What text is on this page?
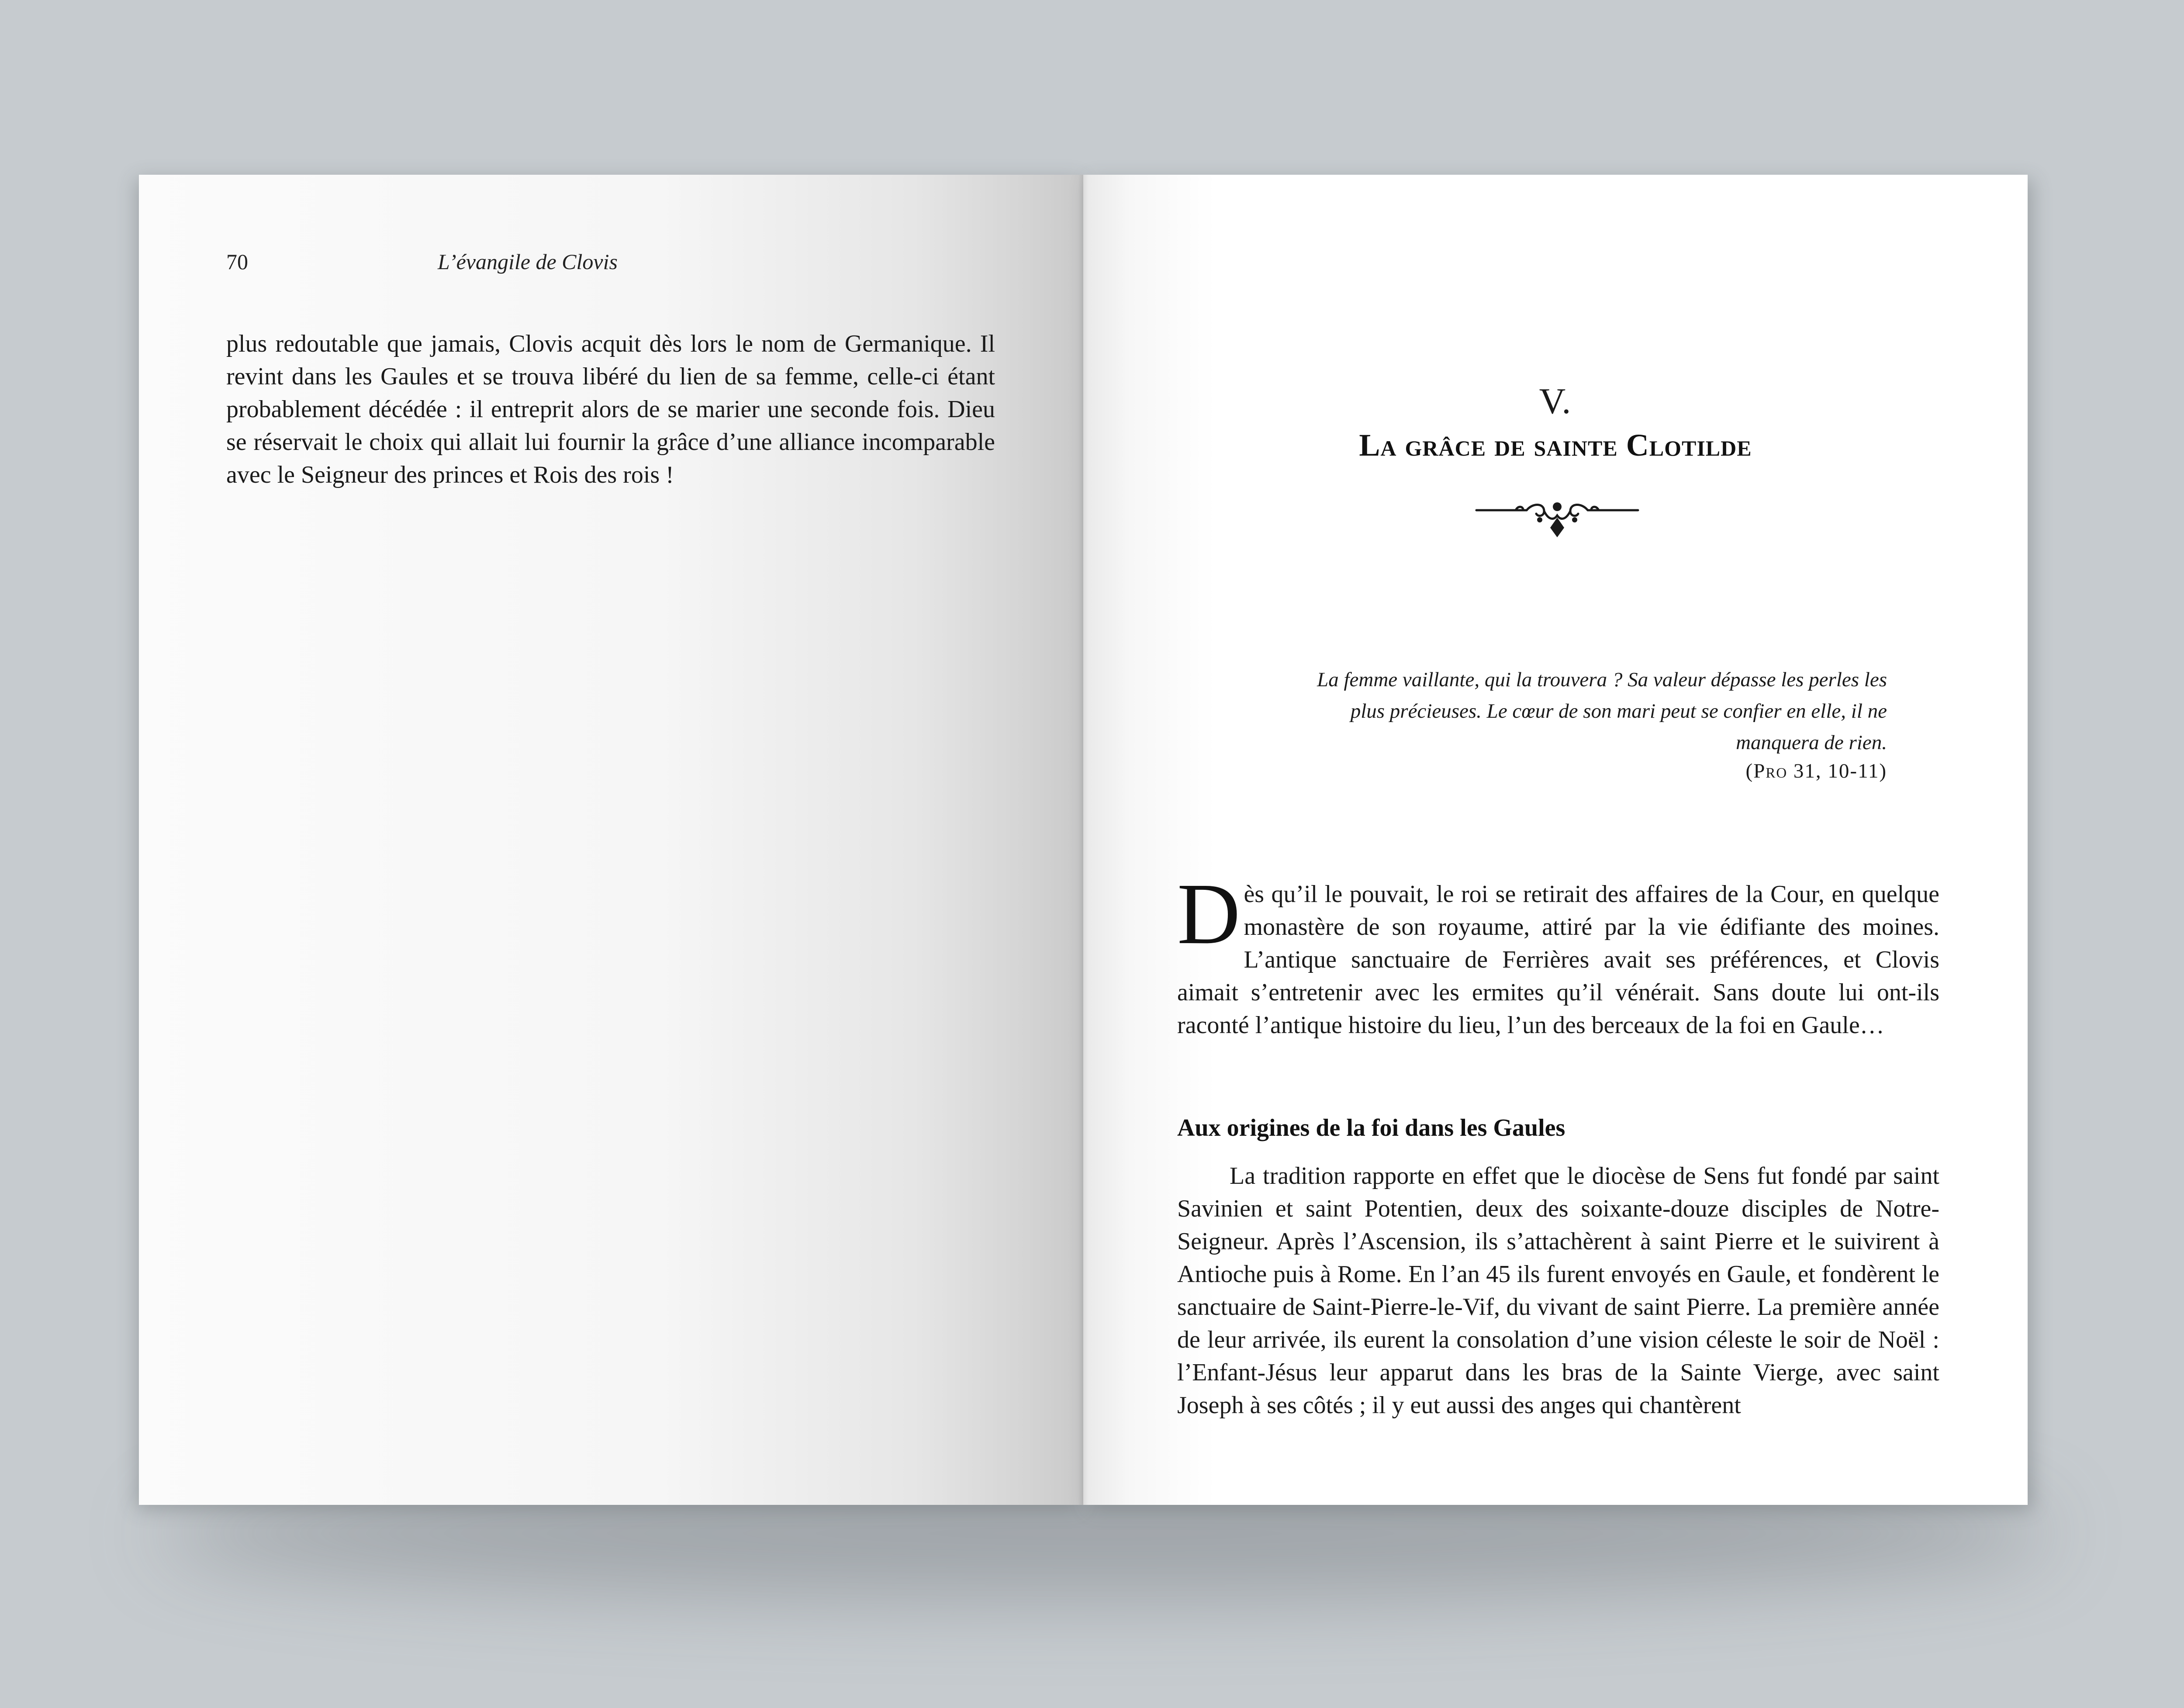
70	L’évangile de Clovis

plus redoutable que jamais, Clovis acquit dès lors le nom de Germanique. Il revint dans les Gaules et se trouva libéré du lien de sa femme, celle-ci étant probablement décédée : il entreprit alors de se marier une seconde fois. Dieu se réservait le choix qui allait lui fournir la grâce d’une alliance incomparable avec le Seigneur des princes et Rois des rois !

V.
La grâce de sainte Clotilde

La femme vaillante, qui la trouvera ? Sa valeur dépasse les perles les plus précieuses. Le cœur de son mari peut se confier en elle, il ne manquera de rien.

(Pro 31, 10-11)

Dès qu’il le pouvait, le roi se retirait des affaires de la Cour, en quelque monastère de son royaume, attiré par la vie édifiante des moines. L’antique sanctuaire de Ferrières avait ses préférences, et Clovis aimait s’entretenir avec les ermites qu’il vénérait. Sans doute lui ont-ils raconté l’antique histoire du lieu, l’un des berceaux de la foi en Gaule…

Aux origines de la foi dans les Gaules

La tradition rapporte en effet que le diocèse de Sens fut fondé par saint Savinien et saint Potentien, deux des soixante-douze disciples de Notre-Seigneur. Après l’Ascension, ils s’attachèrent à saint Pierre et le suivirent à Antioche puis à Rome. En l’an 45 ils furent envoyés en Gaule, et fondèrent le sanctuaire de Saint-Pierre-le-Vif, du vivant de saint Pierre. La première année de leur arrivée, ils eurent la consolation d’une vision céleste le soir de Noël : l’Enfant-Jésus leur apparut dans les bras de la Sainte Vierge, avec saint Joseph à ses côtés ; il y eut aussi des anges qui chantèrent
